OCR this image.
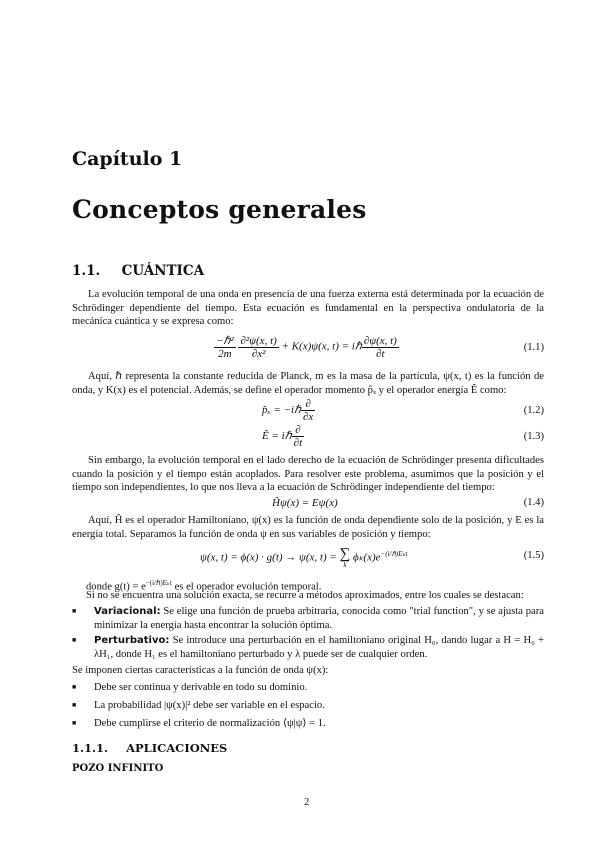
Capítulo 1
Conceptos generales
1.1. CUÁNTICA
La evolución temporal de una onda en presencia de una fuerza externa está determinada por la ecuación de Schrödinger dependiente del tiempo. Esta ecuación es fundamental en la perspectiva ondulatoria de la mecánica cuántica y se expresa como:
$\frac{\text{−ℏ²}}{2m}$
$\frac{\text{∂²ψ(x, t)}}{\text{∂x²}} + K(x)\psi(x$, t) = iℏ $\frac{\partial\psi(x, t)}{\partial t}$	(1.1)
Aquí, ℏ representa la constante reducida de Planck, m es la masa de la partícula, ψ(x, t) es la función de onda, y K(x) es el potencial. Además, se define el operador momento p̂ₓ y el operador energía Ê como:
p̂ₓ = −iℏ $\frac{\partial}{\partial x}$	(1.2)
Ê = iℏ $\frac{\partial}{\partial t}$	(1.3)
Sin embargo, la evolución temporal en el lado derecho de la ecuación de Schrödinger presenta dificultades cuando la posición y el tiempo están acoplados. Para resolver este problema, asumimos que la posición y el tiempo son independientes, lo que nos lleva a la ecuación de Schrödinger independiente del tiempo:
Ĥψ(x) = Eψ(x)	(1.4)
Aquí, Ĥ es el operador Hamiltoniano, ψ(x) es la función de onda dependiente solo de la posición, y E es la energía total. Separamos la función de onda ψ en sus variables de posición y tiempo:
ψ(x, t) = ϕ(x) · g(t) → ψ(x, t) = ∑
k
$\phi_k(x)e^{-(i/\hbar)E_kt}$	(1.5)
donde $g(t) = e^{-(i/\hbar)E_kt}$ es el operador evolución temporal.
Si no se encuentra una solución exacta, se recurre a métodos aproximados, entre los cuales se destacan:
■	Variacional: Se elige una función de prueba arbitraria, conocida como "trial function", y se ajusta para minimizar la energía hasta encontrar la solución óptima.
■	Perturbativo: Se introduce una perturbación en el hamiltoniano original H₀, dando lugar a H = H₀ + λH₁, donde H₁ es el hamiltoniano perturbado y λ puede ser de cualquier orden.
Se imponen ciertas características a la función de onda ψ(x):
■	Debe ser continua y derivable en todo su dominio.
■	La probabilidad |ψ(x)|² debe ser variable en el espacio.
■	Debe cumplirse el criterio de normalización ⟨ψ|ψ⟩ = 1.
1.1.1. APLICACIONES
POZO INFINITO
2
